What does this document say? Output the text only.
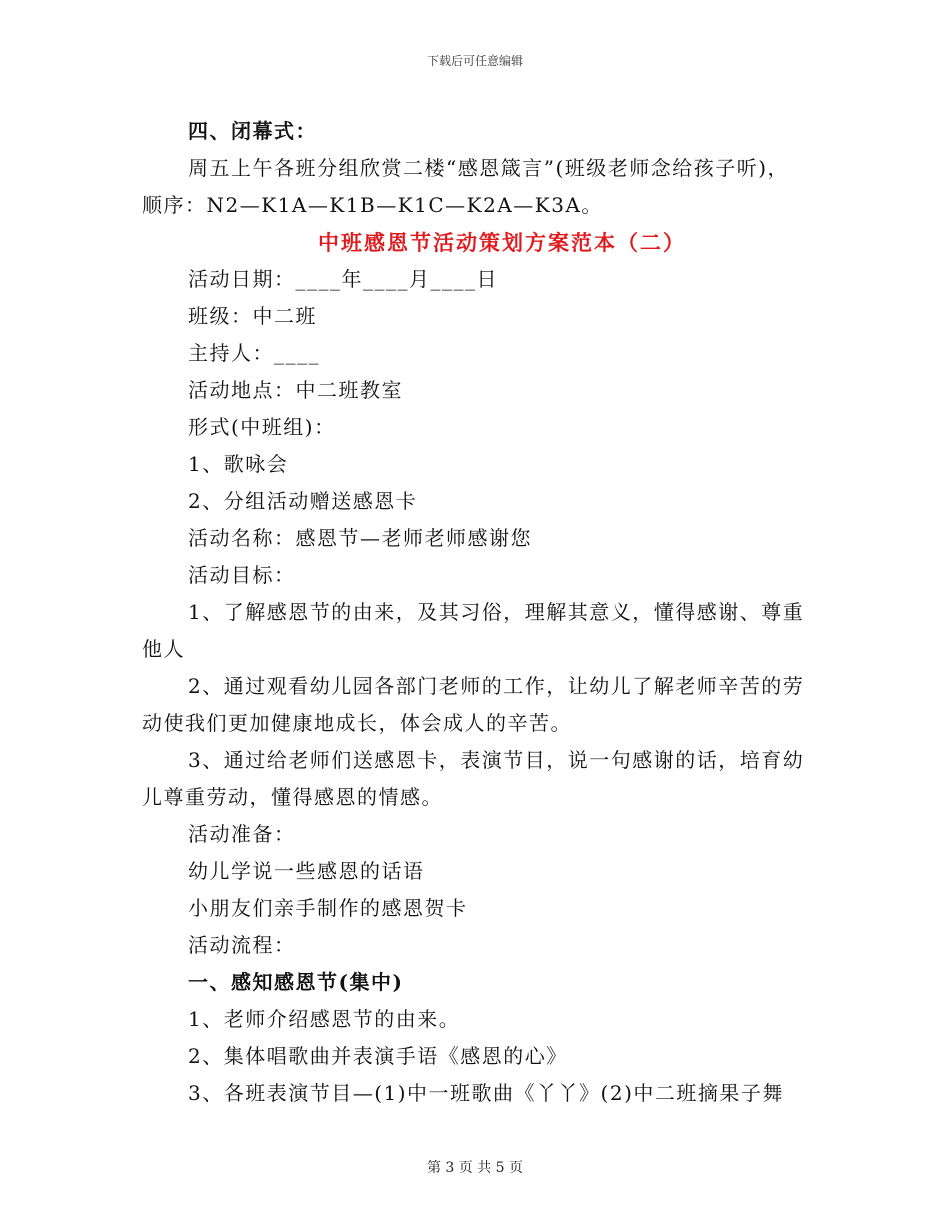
下载后可任意编辑
四、闭幕式：
周五上午各班分组欣赏二楼“感恩箴言”(班级老师念给孩子听)，
顺序：N2—K1A—K1B—K1C—K2A—K3A。
中班感恩节活动策划方案范本（二）
活动日期：____年____月____日
班级：中二班
主持人：____
活动地点：中二班教室
形式(中班组)：
1、歌咏会
2、分组活动赠送感恩卡
活动名称：感恩节—老师老师感谢您
活动目标：
1、了解感恩节的由来，及其习俗，理解其意义，懂得感谢、尊重
他人
2、通过观看幼儿园各部门老师的工作，让幼儿了解老师辛苦的劳
动使我们更加健康地成长，体会成人的辛苦。
3、通过给老师们送感恩卡，表演节目，说一句感谢的话，培育幼
儿尊重劳动，懂得感恩的情感。
活动准备：
幼儿学说一些感恩的话语
小朋友们亲手制作的感恩贺卡
活动流程：
一、感知感恩节(集中)
1、老师介绍感恩节的由来。
2、集体唱歌曲并表演手语《感恩的心》
3、各班表演节目—(1)中一班歌曲《丫丫》(2)中二班摘果子舞
第 3 页 共 5 页
